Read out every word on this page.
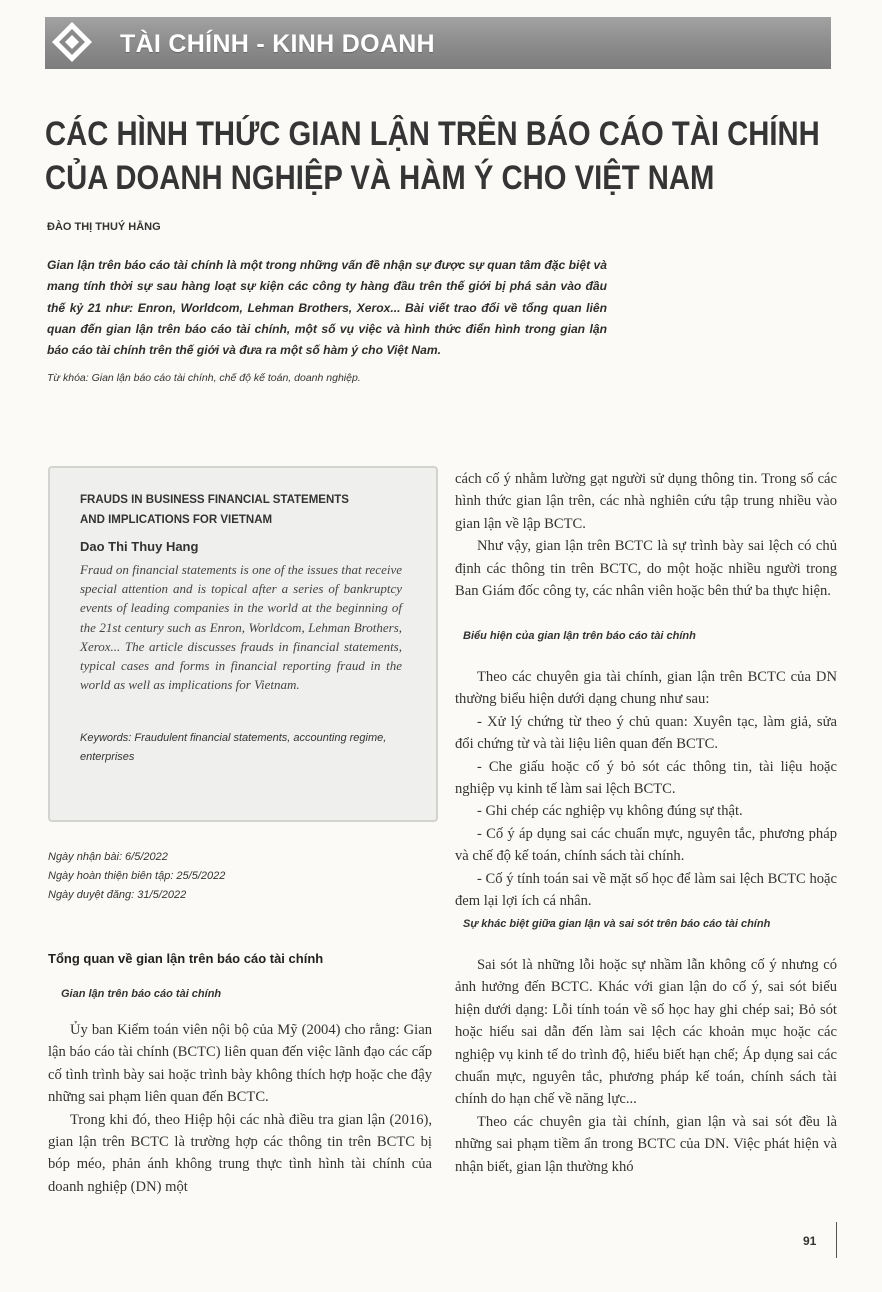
TÀI CHÍNH - KINH DOANH
CÁC HÌNH THỨC GIAN LẬN TRÊN BÁO CÁO TÀI CHÍNH
CỦA DOANH NGHIỆP VÀ HÀM Ý CHO VIỆT NAM
ĐÀO THỊ THUÝ HẰNG
Gian lận trên báo cáo tài chính là một trong những vấn đề nhận sự được sự quan tâm đặc biệt và mang tính thời sự sau hàng loạt sự kiện các công ty hàng đầu trên thế giới bị phá sản vào đầu thế kỷ 21 như: Enron, Worldcom, Lehman Brothers, Xerox... Bài viết trao đổi về tổng quan liên quan đến gian lận trên báo cáo tài chính, một số vụ việc và hình thức điển hình trong gian lận báo cáo tài chính trên thế giới và đưa ra một số hàm ý cho Việt Nam.
Từ khóa: Gian lận báo cáo tài chính, chế độ kế toán, doanh nghiệp.
FRAUDS IN BUSINESS FINANCIAL STATEMENTS
AND IMPLICATIONS FOR VIETNAM
Dao Thi Thuy Hang
Fraud on financial statements is one of the issues that receive special attention and is topical after a series of bankruptcy events of leading companies in the world at the beginning of the 21st century such as Enron, Worldcom, Lehman Brothers, Xerox... The article discusses frauds in financial statements, typical cases and forms in financial reporting fraud in the world as well as implications for Vietnam.
Keywords: Fraudulent financial statements, accounting regime, enterprises
Ngày nhận bài: 6/5/2022
Ngày hoàn thiện biên tập: 25/5/2022
Ngày duyệt đăng: 31/5/2022
Tổng quan về gian lận trên báo cáo tài chính
Gian lận trên báo cáo tài chính

Ủy ban Kiểm toán viên nội bộ của Mỹ (2004) cho rằng: Gian lận báo cáo tài chính (BCTC) liên quan đến việc lãnh đạo các cấp cố tình trình bày sai hoặc trình bày không thích hợp hoặc che đậy những sai phạm liên quan đến BCTC.

Trong khi đó, theo Hiệp hội các nhà điều tra gian lận (2016), gian lận trên BCTC là trường hợp các thông tin trên BCTC bị bóp méo, phản ánh không trung thực tình hình tài chính của doanh nghiệp (DN) một

cách cố ý nhằm lường gạt người sử dụng thông tin. Trong số các hình thức gian lận trên, các nhà nghiên cứu tập trung nhiều vào gian lận về lập BCTC.

Như vậy, gian lận trên BCTC là sự trình bày sai lệch có chủ định các thông tin trên BCTC, do một hoặc nhiều người trong Ban Giám đốc công ty, các nhân viên hoặc bên thứ ba thực hiện.

Biểu hiện của gian lận trên báo cáo tài chính

Theo các chuyên gia tài chính, gian lận trên BCTC của DN thường biểu hiện dưới dạng chung như sau:

- Xử lý chứng từ theo ý chủ quan: Xuyên tạc, làm giả, sửa đổi chứng từ và tài liệu liên quan đến BCTC.

- Che giấu hoặc cố ý bỏ sót các thông tin, tài liệu hoặc nghiệp vụ kinh tế làm sai lệch BCTC.

- Ghi chép các nghiệp vụ không đúng sự thật.

- Cố ý áp dụng sai các chuẩn mực, nguyên tắc, phương pháp và chế độ kế toán, chính sách tài chính.

- Cố ý tính toán sai về mặt số học để làm sai lệch BCTC hoặc đem lại lợi ích cá nhân.

Sự khác biệt giữa gian lận và sai sót trên báo cáo tài chính

Sai sót là những lỗi hoặc sự nhầm lẫn không cố ý nhưng có ảnh hưởng đến BCTC. Khác với gian lận do cố ý, sai sót biểu hiện dưới dạng: Lỗi tính toán về số học hay ghi chép sai; Bỏ sót hoặc hiểu sai dẫn đến làm sai lệch các khoản mục hoặc các nghiệp vụ kinh tế do trình độ, hiểu biết hạn chế; Áp dụng sai các chuẩn mực, nguyên tắc, phương pháp kế toán, chính sách tài chính do hạn chế về năng lực...

Theo các chuyên gia tài chính, gian lận và sai sót đều là những sai phạm tiềm ẩn trong BCTC của DN. Việc phát hiện và nhận biết, gian lận thường khó

91
